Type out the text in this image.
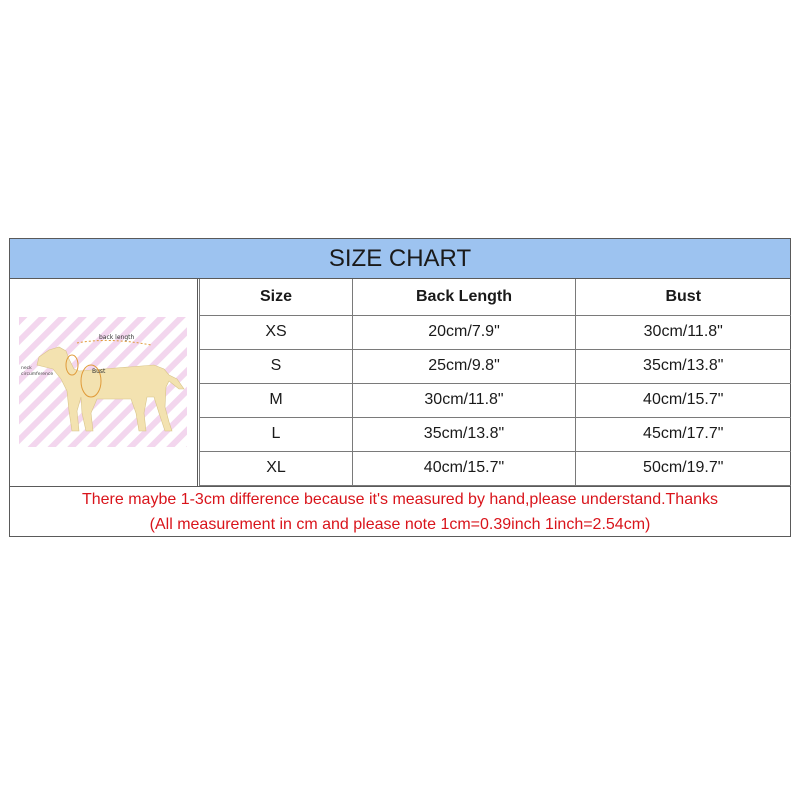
SIZE CHART
back length
Bust
neck
circumference
Size	Back Length	Bust
XS	20cm/7.9"	30cm/11.8"
S	25cm/9.8"	35cm/13.8"
M	30cm/11.8"	40cm/15.7"
L	35cm/13.8"	45cm/17.7"
XL	40cm/15.7"	50cm/19.7"
There maybe 1-3cm difference because it's measured by hand,please understand.Thanks
(All measurement in cm and please note 1cm=0.39inch 1inch=2.54cm)
